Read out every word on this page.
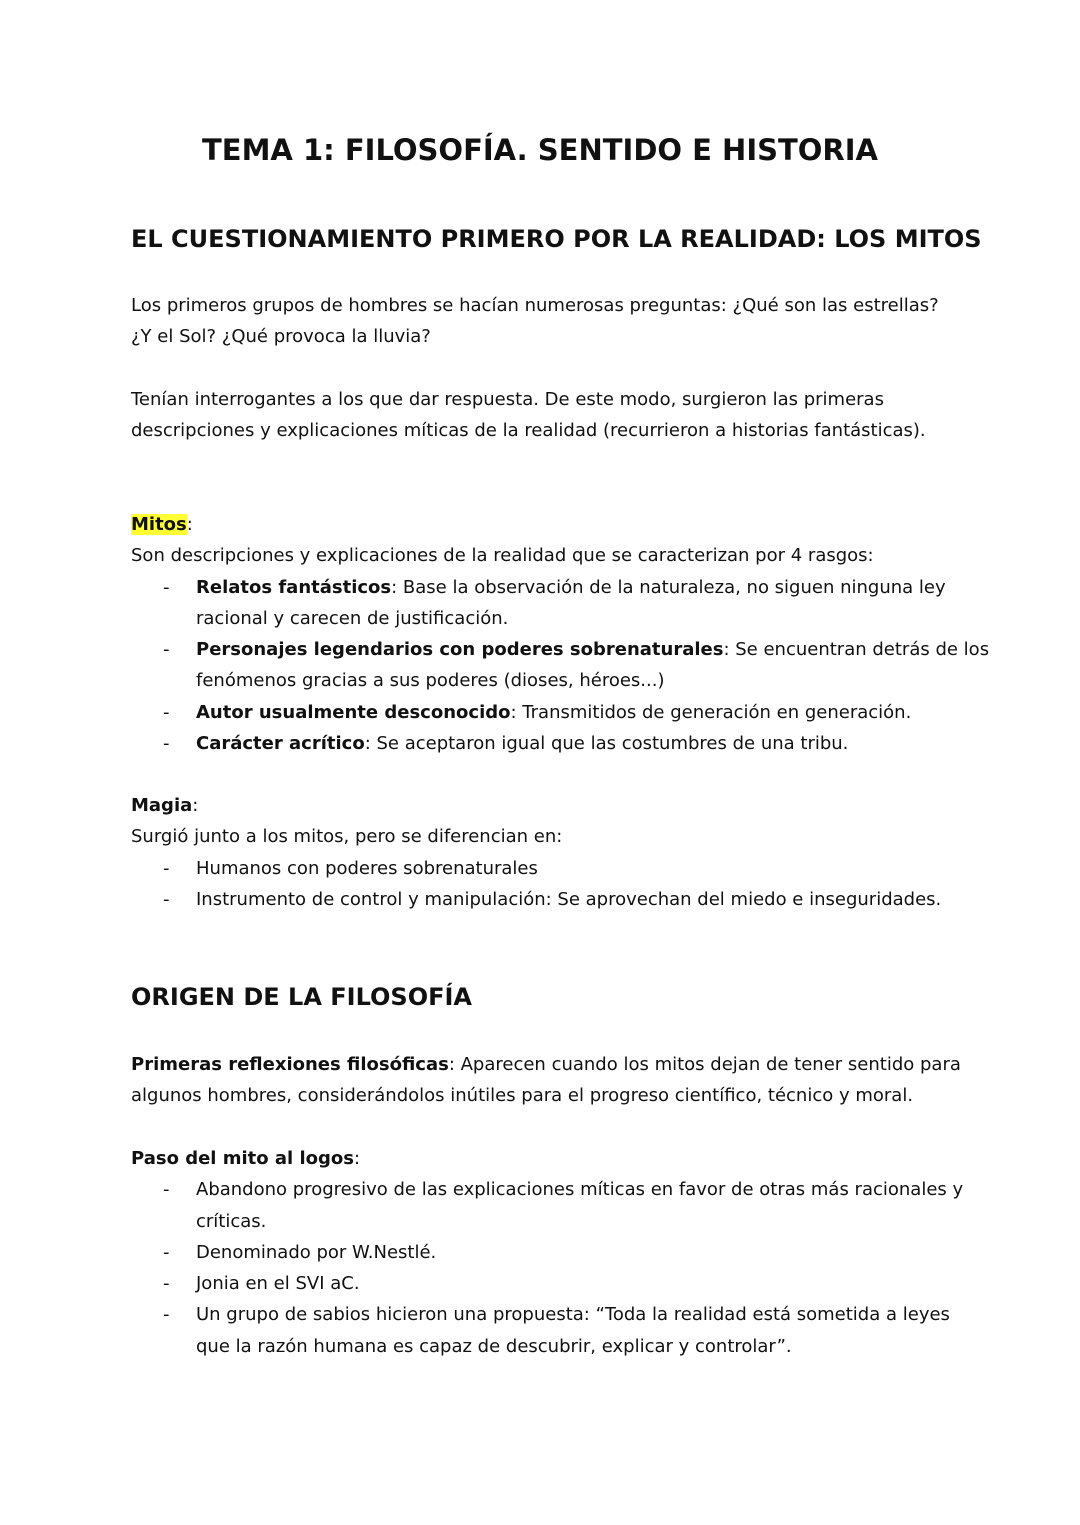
TEMA 1: FILOSOFÍA. SENTIDO E HISTORIA
EL CUESTIONAMIENTO PRIMERO POR LA REALIDAD: LOS MITOS
Los primeros grupos de hombres se hacían numerosas preguntas: ¿Qué son las estrellas?
¿Y el Sol? ¿Qué provoca la lluvia?
Tenían interrogantes a los que dar respuesta. De este modo, surgieron las primeras
descripciones y explicaciones míticas de la realidad (recurrieron a historias fantásticas).
Mitos:
Son descripciones y explicaciones de la realidad que se caracterizan por 4 rasgos:
- Relatos fantásticos: Base la observación de la naturaleza, no siguen ninguna ley
racional y carecen de justificación.
- Personajes legendarios con poderes sobrenaturales: Se encuentran detrás de los
fenómenos gracias a sus poderes (dioses, héroes...)
- Autor usualmente desconocido: Transmitidos de generación en generación.
- Carácter acrítico: Se aceptaron igual que las costumbres de una tribu.
Magia:
Surgió junto a los mitos, pero se diferencian en:
- Humanos con poderes sobrenaturales
- Instrumento de control y manipulación: Se aprovechan del miedo e inseguridades.
ORIGEN DE LA FILOSOFÍA
Primeras reflexiones filosóficas: Aparecen cuando los mitos dejan de tener sentido para
algunos hombres, considerándolos inútiles para el progreso científico, técnico y moral.
Paso del mito al logos:
- Abandono progresivo de las explicaciones míticas en favor de otras más racionales y
críticas.
- Denominado por W.Nestlé.
- Jonia en el SVI aC.
- Un grupo de sabios hicieron una propuesta: “Toda la realidad está sometida a leyes
que la razón humana es capaz de descubrir, explicar y controlar”.
